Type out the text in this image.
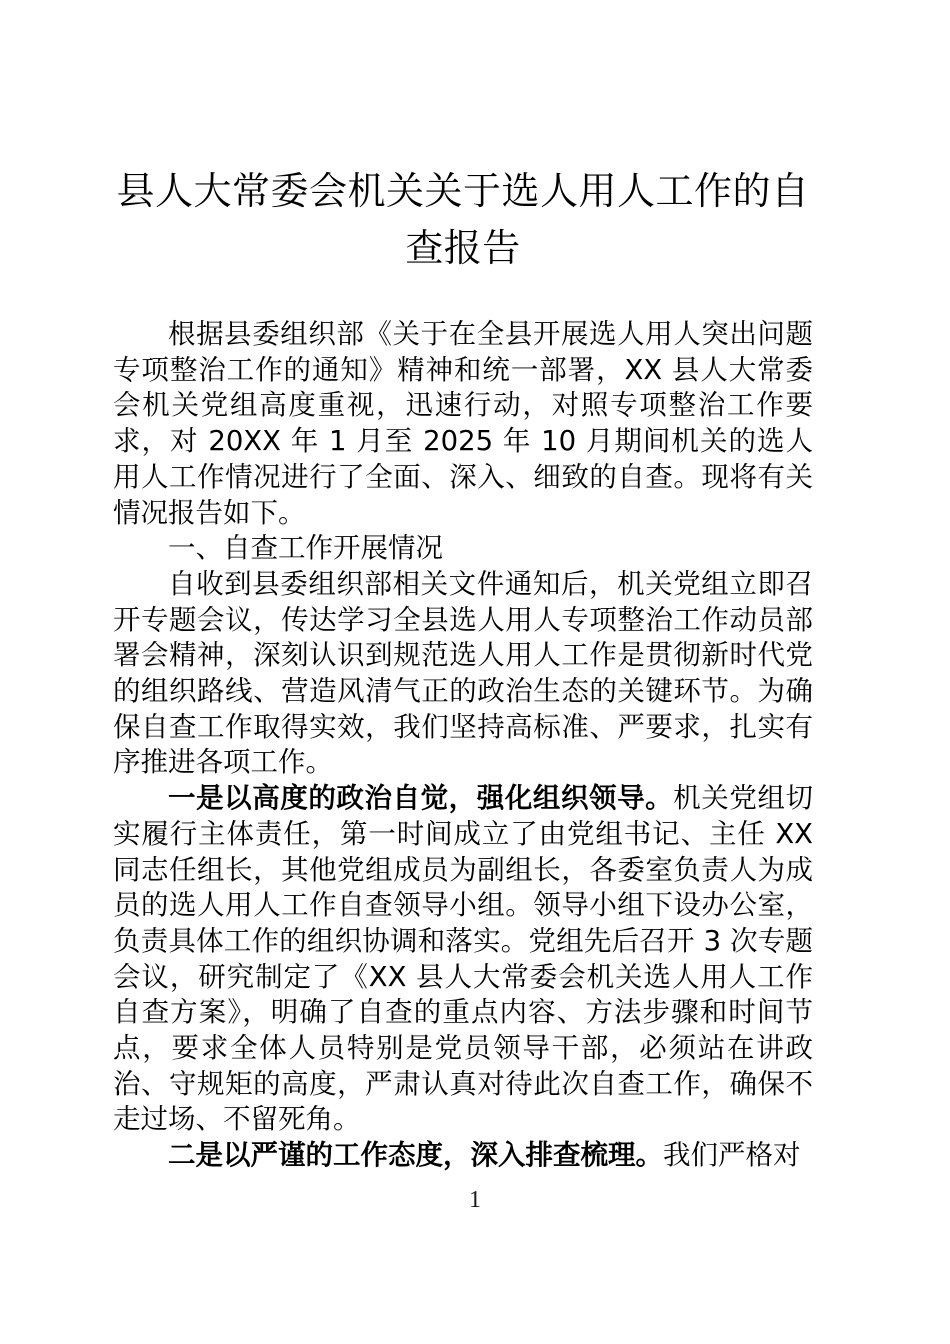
县人大常委会机关关于选人用人工作的自
查报告

根据县委组织部《关于在全县开展选人用人突出问题专项整治工作的通知》精神和统一部署，XX 县人大常委会机关党组高度重视，迅速行动，对照专项整治工作要求，对 20XX 年 1 月至 2025 年 10 月期间机关的选人用人工作情况进行了全面、深入、细致的自查。现将有关情况报告如下。

一、自查工作开展情况

自收到县委组织部相关文件通知后，机关党组立即召开专题会议，传达学习全县选人用人专项整治工作动员部署会精神，深刻认识到规范选人用人工作是贯彻新时代党的组织路线、营造风清气正的政治生态的关键环节。为确保自查工作取得实效，我们坚持高标准、严要求，扎实有序推进各项工作。

一是以高度的政治自觉，强化组织领导。机关党组切实履行主体责任，第一时间成立了由党组书记、主任 XX 同志任组长，其他党组成员为副组长，各委室负责人为成员的选人用人工作自查领导小组。领导小组下设办公室，负责具体工作的组织协调和落实。党组先后召开 3 次专题会议，研究制定了《XX 县人大常委会机关选人用人工作自查方案》，明确了自查的重点内容、方法步骤和时间节点，要求全体人员特别是党员领导干部，必须站在讲政治、守规矩的高度，严肃认真对待此次自查工作，确保不走过场、不留死角。

二是以严谨的工作态度，深入排查梳理。我们严格对

1
